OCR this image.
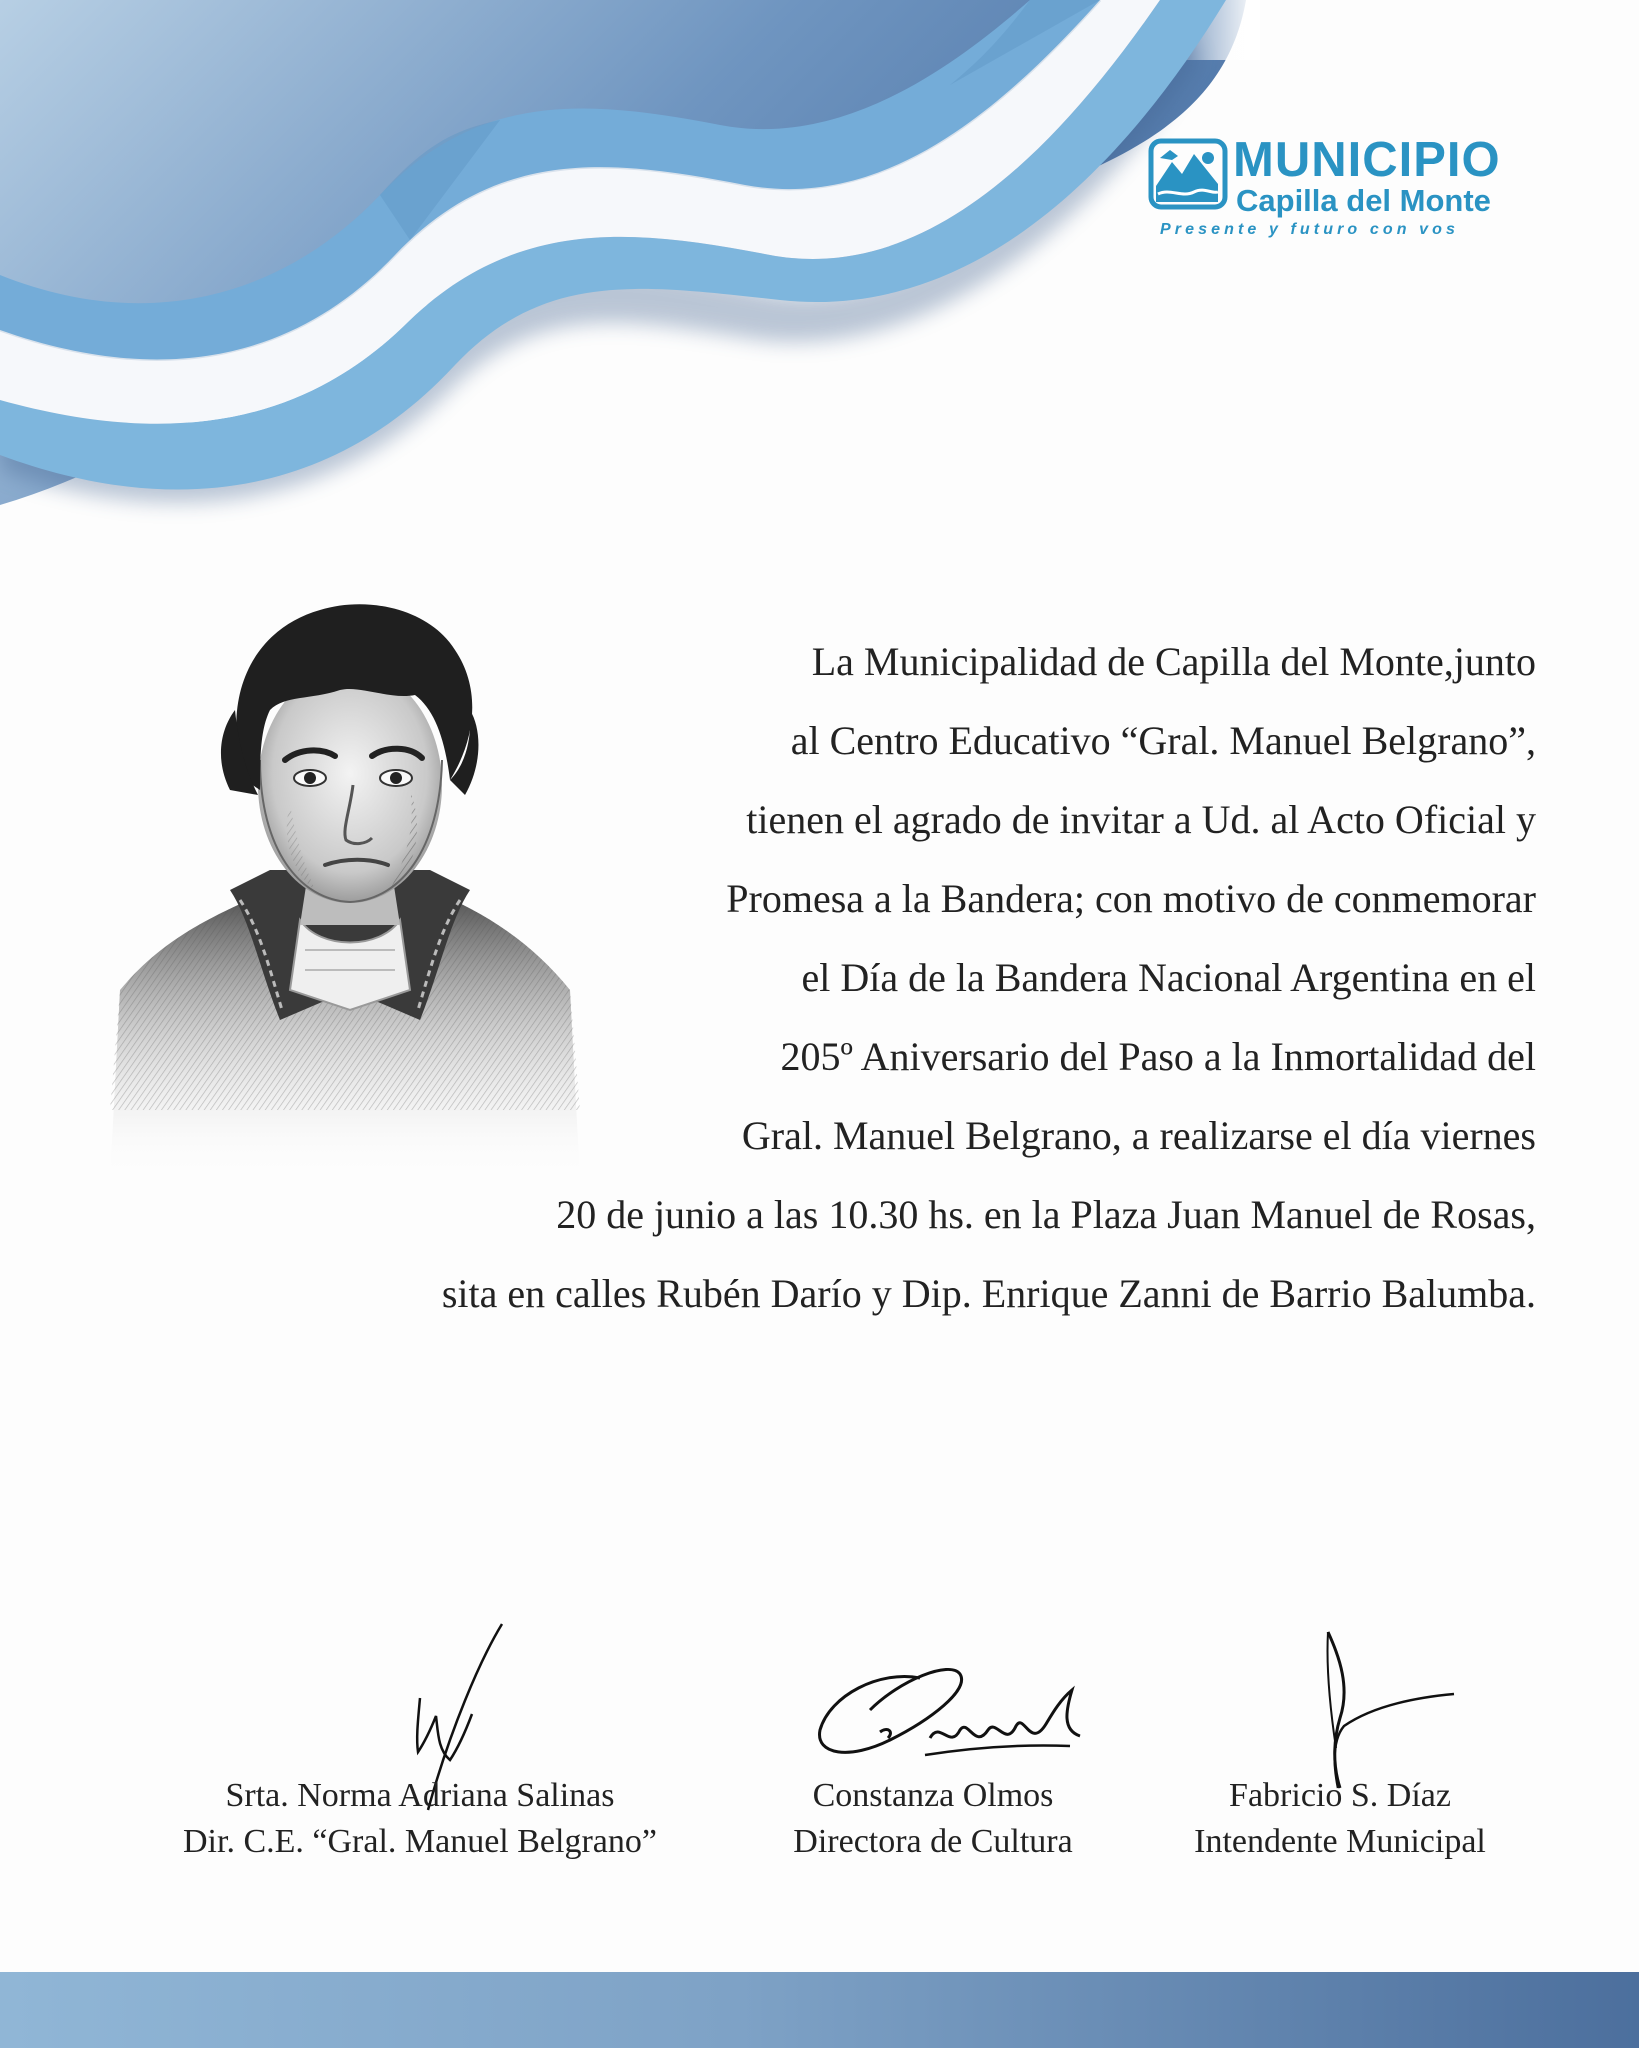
MUNICIPIO
Capilla del Monte
Presente y futuro con vos

La Municipalidad de Capilla del Monte,junto
al Centro Educativo “Gral. Manuel Belgrano”,
tienen el agrado de invitar a Ud. al Acto Oficial y
Promesa a la Bandera; con motivo de conmemorar
el Día de la Bandera Nacional Argentina en el
205º Aniversario del Paso a la Inmortalidad del
Gral. Manuel Belgrano, a realizarse el día viernes
20 de junio a las 10.30 hs. en la Plaza Juan Manuel de Rosas,
sita en calles Rubén Darío y Dip. Enrique Zanni de Barrio Balumba.

Srta. Norma Adriana Salinas
Dir. C.E. “Gral. Manuel Belgrano”
Constanza Olmos
Directora de Cultura
Fabricio S. Díaz
Intendente Municipal
